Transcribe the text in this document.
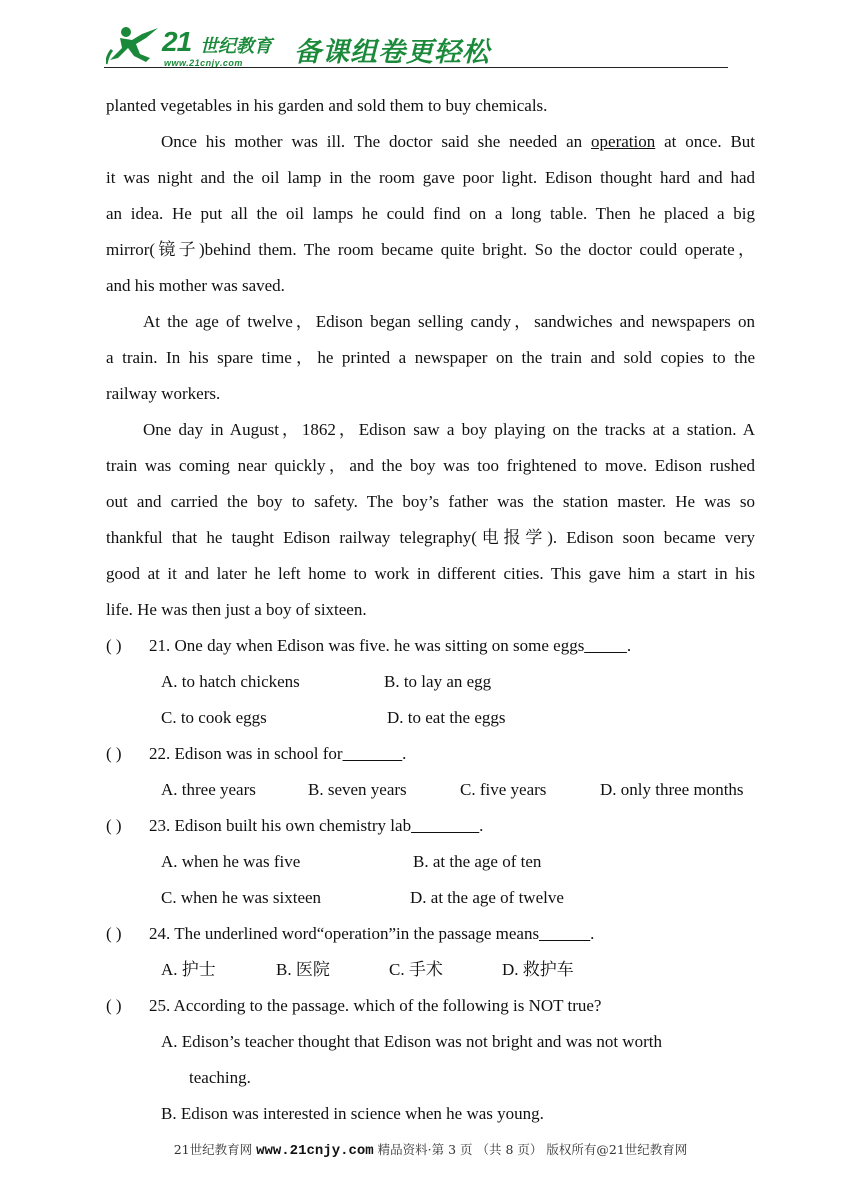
21 世纪教育
www.21cnjy.com 备课组卷更轻松
planted vegetables in his garden and sold them to buy chemicals.
Once his mother was ill. The doctor said she needed an operation at once. But
it was night and the oil lamp in the room gave poor light. Edison thought hard and had
an idea. He put all the oil lamps he could find on a long table. Then he placed a big
mirror(镜子)behind them. The room became quite bright. So the doctor could operate，
and his mother was saved.
At the age of twelve，Edison began selling candy，sandwiches and newspapers on
a train. In his spare time，he printed a newspaper on the train and sold copies to the
railway workers.
One day in August，1862，Edison saw a boy playing on the tracks at a station. A
train was coming near quickly，and the boy was too frightened to move. Edison rushed
out and carried the boy to safety. The boy’s father was the station master. He was so
thankful that he taught Edison railway telegraphy(电报学). Edison soon became very
good at it and later he left home to work in different cities. This gave him a start in his
life. He was then just a boy of sixteen.
( ) 21. One day when Edison was five. he was sitting on some eggs_____.
A. to hatch chickens	B. to lay an egg
C. to cook eggs	D. to eat the eggs
( ) 22. Edison was in school for_______.
A. three years	B. seven years	C. five years	D. only three months
( ) 23. Edison built his own chemistry lab________.
A. when he was five	B. at the age of ten
C. when he was sixteen	D. at the age of twelve
( ) 24. The underlined word“operation”in the passage means______.
A. 护士	B. 医院	C. 手术	D. 救护车
( ) 25. According to the passage. which of the following is NOT true?
A. Edison’s teacher thought that Edison was not bright and was not worth
teaching.
B. Edison was interested in science when he was young.
21世纪教育网 www.21cnjy.com 精品资料·第 3 页 （共 8 页） 版权所有@21世纪教育网
